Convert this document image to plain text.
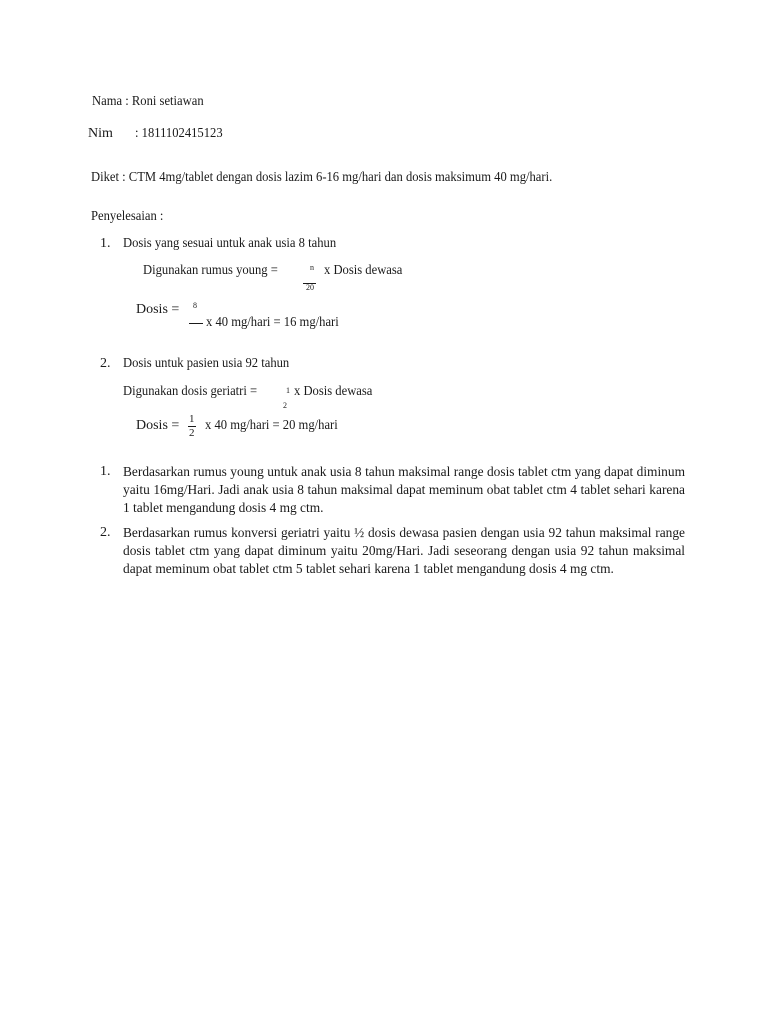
Nama : Roni setiawan
Nim : 1811102415123
Diket : CTM 4mg/tablet dengan dosis lazim 6-16 mg/hari dan dosis maksimum 40 mg/hari.
Penyelesaian :
1. Dosis yang sesuai untuk anak usia 8 tahun
Digunakan rumus young =	n
20
x Dosis dewasa
Dosis = 8
x 40 mg/hari = 16 mg/hari
2. Dosis untuk pasien usia 92 tahun
Digunakan dosis geriatri =	1
2
x Dosis dewasa
Dosis = 1
2 x 40 mg/hari = 20 mg/hari
1. Berdasarkan rumus young untuk anak usia 8 tahun maksimal range dosis tablet ctm yang dapat diminum yaitu 16mg/Hari. Jadi anak usia 8 tahun maksimal dapat meminum obat tablet ctm 4 tablet sehari karena 1 tablet mengandung dosis 4 mg ctm.
2. Berdasarkan rumus konversi geriatri yaitu ½ dosis dewasa pasien dengan usia 92 tahun maksimal range dosis tablet ctm yang dapat diminum yaitu 20mg/Hari. Jadi seseorang dengan usia 92 tahun maksimal dapat meminum obat tablet ctm 5 tablet sehari karena 1 tablet mengandung dosis 4 mg ctm.
